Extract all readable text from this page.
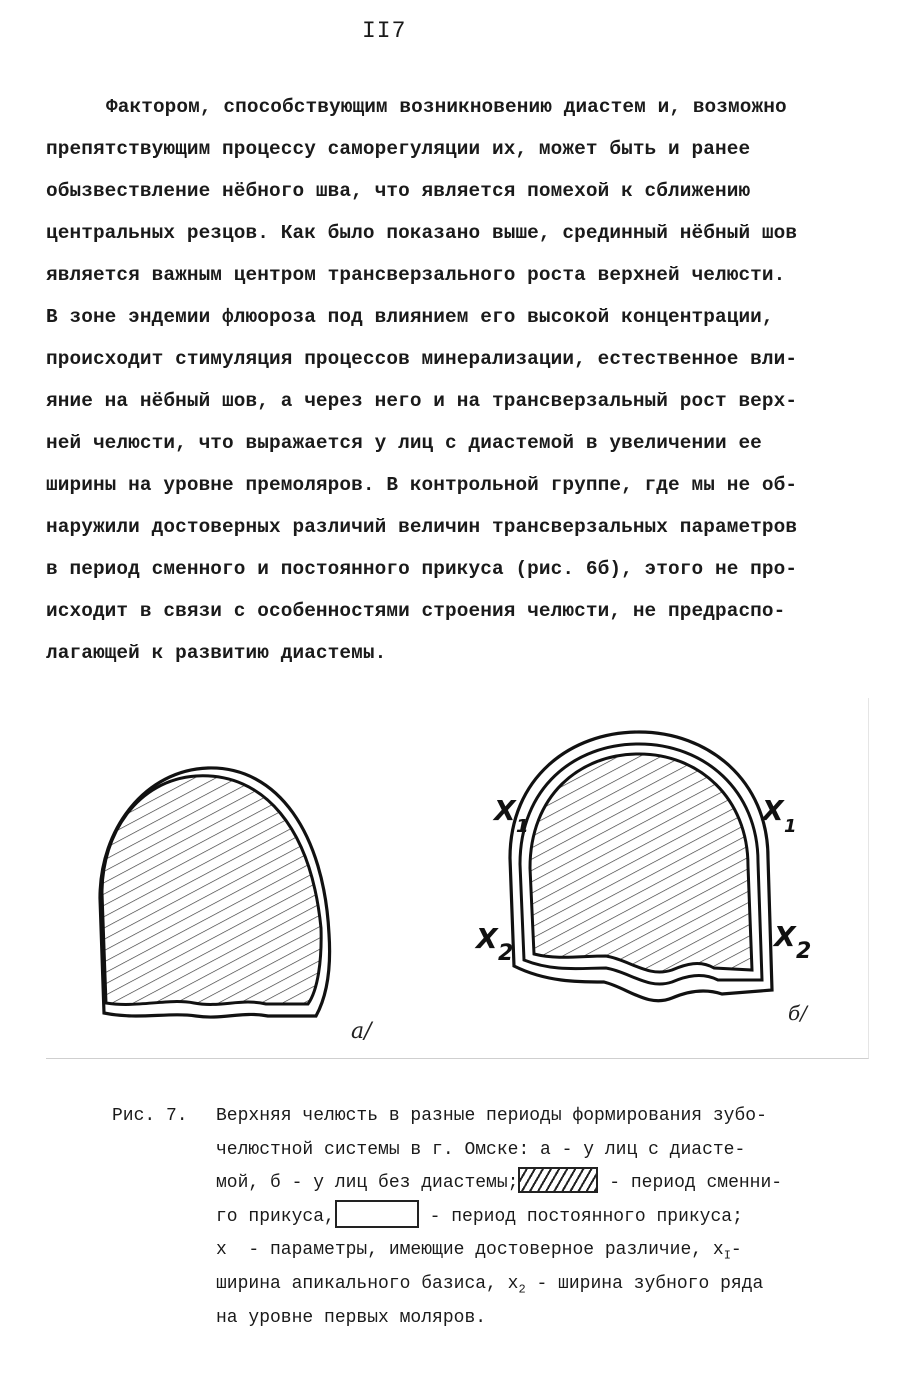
II7
Фактором, способствующим возникновению диастем и, возможно
препятствующим процессу саморегуляции их, может быть и ранее
обызвествление нёбного шва, что является помехой к сближению
центральных резцов. Как было показано выше, срединный нёбный шов
является важным центром трансверзального роста верхней челюсти.
В зоне эндемии флюороза под влиянием его высокой концентрации,
происходит стимуляция процессов минерализации, естественное вли-
яние на нёбный шов, а через него и на трансверзальный рост верх-
ней челюсти, что выражается у лиц с диастемой в увеличении ее
ширины на уровне премоляров. В контрольной группе, где мы не об-
наружили достоверных различий величин трансверзальных параметров
в период сменного и постоянного прикуса (рис. 6б), этого не про-
исходит в связи с особенностями строения челюсти, не предраспо-
лагающей к развитию диастемы.
а/
X 1	X 1
X 2
X 2
б/
Рис. 7. Верхняя челюсть в разные периоды формирования зубо-
челюстной системы в г. Омске: а - у лиц с диасте-
мой, б - у лиц без диастемы;	- период сменни-
го прикуса,	- период постоянного прикуса;
х  - параметры, имеющие достоверное различие, $х_I-$
ширина апикального базиса, $х_2$ - ширина зубного ряда
на уровне первых моляров.
